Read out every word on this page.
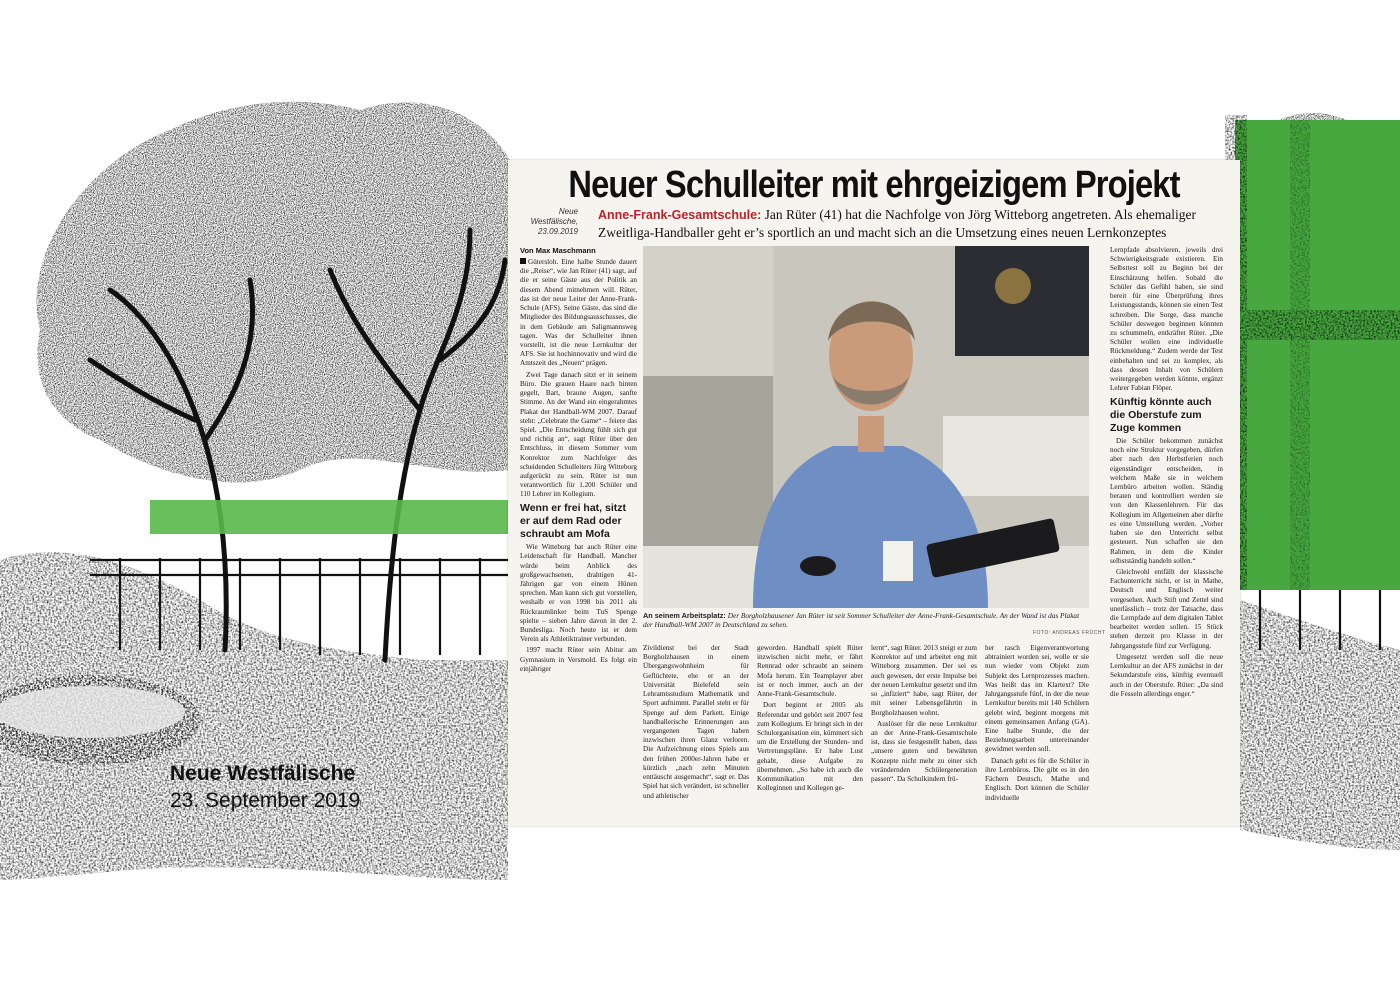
Neue Westfälische
23. September 2019
Neuer Schulleiter mit ehrgeizigem Projekt
Neue Westfälische,
23.09.2019
Anne-Frank-Gesamtschule: Jan Rüter (41) hat die Nachfolge von Jörg Witteborg angetreten. Als ehemaliger Zweitliga-Handballer geht er’s sportlich an und macht sich an die Umsetzung eines neuen Lernkonzeptes
Von Max Maschmann

Gütersloh. Eine halbe Stunde dauert die „Reise“, wie Jan Rüter (41) sagt, auf die er seine Gäste aus der Politik an diesem Abend mitnehmen will. Rüter, das ist der neue Leiter der Anne-Frank-Schule (AFS). Seine Gäste, das sind die Mitglieder des Bildungsausschusses, die in dem Gebäude am Saligmannsweg tagen. Was der Schulleiter ihnen vorstellt, ist die neue Lernkultur der AFS. Sie ist hochinnovativ und wird die Amtszeit des „Neuen“ prägen.

Zwei Tage danach sitzt er in seinem Büro. Die grauen Haare nach hinten gegelt, Bart, braune Augen, sanfte Stimme. An der Wand ein eingerahmtes Plakat der Handball-WM 2007. Darauf steht: „Celebrate the Game“ – feiere das Spiel. „Die Entscheidung fühlt sich gut und richtig an“, sagt Rüter über den Entschluss, in diesem Sommer vom Konrektor zum Nachfolger des scheidenden Schulleiters Jörg Witteborg aufgerückt zu sein. Rüter ist nun verantwortlich für 1.200 Schüler und 110 Lehrer im Kollegium.

Wenn er frei hat, sitzt er auf dem Rad oder schraubt am Mofa

Wie Witteborg hat auch Rüter eine Leidenschaft für Handball. Mancher würde beim Anblick des großgewachsenen, drahtigen 41-Jährigen gar von einem Hünen sprechen. Man kann sich gut vorstellen, weshalb er von 1998 bis 2011 als Rückraumlinker beim TuS Spenge spielte – sieben Jahre davon in der 2. Bundesliga. Noch heute ist er dem Verein als Athletiktrainer verbunden.

1997 macht Rüter sein Abitur am Gymnasium in Versmold. Es folgt ein einjähriger

An seinem Arbeitsplatz: Der Borgholzhausener Jan Rüter ist seit Sommer Schulleiter der Anne-Frank-Gesamtschule. An der Wand ist das Plakat der Handball-WM 2007 in Deutschland zu sehen.
FOTO: ANDREAS FRÜCHT

Zivildienst bei der Stadt Borgholzhausen in einem Übergangswohnheim für Geflüchtete, ehe er an der Universität Bielefeld sein Lehramtsstudium Mathematik und Sport aufnimmt. Parallel steht er für Spenge auf dem Parkett. Einige handballerische Erinnerungen aus vergangenen Tagen haben inzwischen ihren Glanz verloren. Die Aufzeichnung eines Spiels aus den frühen 2000er-Jahren habe er kürzlich „nach zehn Minuten enttäuscht ausgemacht“, sagt er. Das Spiel hat sich verändert, ist schneller und athletischer

geworden. Handball spielt Rüter inzwischen nicht mehr, er fährt Rennrad oder schraubt an seinem Mofa herum. Ein Teamplayer aber ist er noch immer, auch an der Anne-Frank-Gesamtschule.

Dort beginnt er 2005 als Referendar und gehört seit 2007 fest zum Kollegium. Er bringt sich in der Schulorganisation ein, kümmert sich um die Erstellung der Stunden- und Vertretungspläne. Er habe Lust gehabt, diese Aufgabe zu übernehmen. „So habe ich auch die Kommunikation mit den Kolleginnen und Kollegen ge-

lernt“, sagt Rüter. 2013 steigt er zum Konrektor auf und arbeitet eng mit Witteborg zusammen. Der sei es auch gewesen, der erste Impulse bei der neuen Lernkultur gesetzt und ihn so „infiziert“ habe, sagt Rüter, der mit seiner Lebensgefährtin in Borgholzhausen wohnt.

Auslöser für die neue Lernkultur an der Anne-Frank-Gesamtschule ist, dass sie festgestellt haben, dass „unsere guten und bewährten Konzepte nicht mehr zu einer sich verändernden Schülergeneration passen“. Da Schulkindern frü-

her rasch Eigenverantwortung abtrainiert worden sei, wolle er sie nun wieder vom Objekt zum Subjekt des Lernprozesses machen. Was heißt das im Klartext? Die Jahrgangsstufe fünf, in der die neue Lernkultur bereits mit 140 Schülern gelebt wird, beginnt morgens mit einem gemeinsamen Anfang (GA). Eine halbe Stunde, die der Beziehungsarbeit untereinander gewidmet werden soll.

Danach geht es für die Schüler in ihre Lernbüros. Die gibt es in den Fächern Deutsch, Mathe und Englisch. Dort können die Schüler individuelle

Lernpfade absolvieren, jeweils drei Schwierigkeitsgrade existieren. Ein Selbsttest soll zu Beginn bei der Einschätzung helfen. Sobald die Schüler das Gefühl haben, sie sind bereit für eine Überprüfung ihres Leistungsstands, können sie einen Test schreiben. Die Sorge, dass manche Schüler deswegen beginnen könnten zu schummeln, entkräftet Rüter. „Die Schüler wollen eine individuelle Rückmeldung.“ Zudem werde der Test einbehalten und sei zu komplex, als dass dessen Inhalt von Schülern weitergegeben werden könnte, ergänzt Lehrer Fabian Flöper.

Künftig könnte auch die Oberstufe zum Zuge kommen

Die Schüler bekommen zunächst noch eine Struktur vorgegeben, dürfen aber nach den Herbstferien noch eigenständiger entscheiden, in welchem Maße sie in welchem Lernbüro arbeiten wollen. Ständig beraten und kontrolliert werden sie von den Klassenlehrern. Für das Kollegium im Allgemeinen aber dürfte es eine Umstellung werden. „Vorher haben sie den Unterricht selbst gesteuert. Nun schaffen sie den Rahmen, in dem die Kinder selbstständig handeln sollen.“

Gleichwohl entfällt der klassische Fachunterricht nicht, er ist in Mathe, Deutsch und Englisch weiter vorgesehen. Auch Stift und Zettel sind unerlässlich – trotz der Tatsache, dass die Lernpfade auf dem digitalen Tablet bearbeitet werden sollen. 15 Stück stehen derzeit pro Klasse in der Jahrgangsstufe fünf zur Verfügung.

Umgesetzt werden soll die neue Lernkultur an der AFS zunächst in der Sekundarstufe eins, künftig eventuell auch in der Oberstufe. Rüter: „Da sind die Fesseln allerdings enger.“
